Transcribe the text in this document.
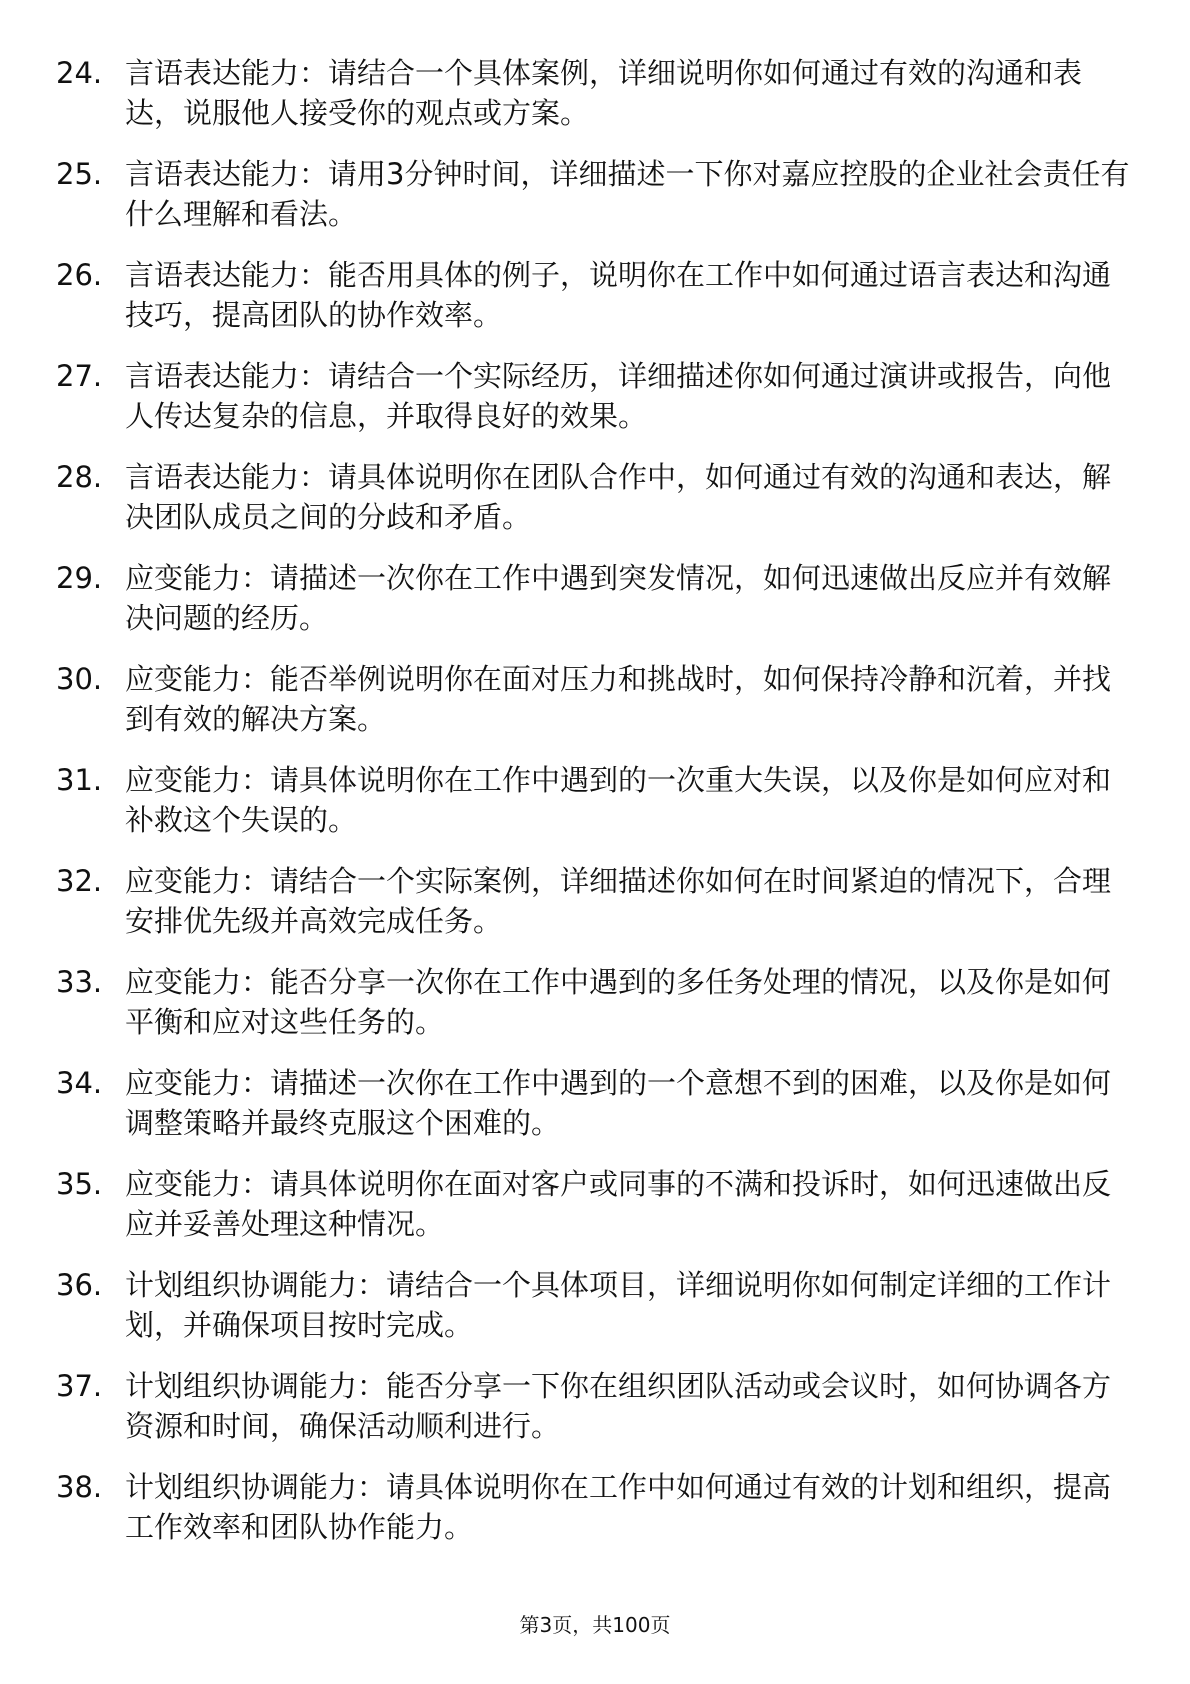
24. 言语表达能力：请结合一个具体案例，详细说明你如何通过有效的沟通和表达，说服他人接受你的观点或方案。
25. 言语表达能力：请用3分钟时间，详细描述一下你对嘉应控股的企业社会责任有什么理解和看法。
26. 言语表达能力：能否用具体的例子，说明你在工作中如何通过语言表达和沟通技巧，提高团队的协作效率。
27. 言语表达能力：请结合一个实际经历，详细描述你如何通过演讲或报告，向他人传达复杂的信息，并取得良好的效果。
28. 言语表达能力：请具体说明你在团队合作中，如何通过有效的沟通和表达，解决团队成员之间的分歧和矛盾。
29. 应变能力：请描述一次你在工作中遇到突发情况，如何迅速做出反应并有效解决问题的经历。
30. 应变能力：能否举例说明你在面对压力和挑战时，如何保持冷静和沉着，并找到有效的解决方案。
31. 应变能力：请具体说明你在工作中遇到的一次重大失误，以及你是如何应对和补救这个失误的。
32. 应变能力：请结合一个实际案例，详细描述你如何在时间紧迫的情况下，合理安排优先级并高效完成任务。
33. 应变能力：能否分享一次你在工作中遇到的多任务处理的情况，以及你是如何平衡和应对这些任务的。
34. 应变能力：请描述一次你在工作中遇到的一个意想不到的困难，以及你是如何调整策略并最终克服这个困难的。
35. 应变能力：请具体说明你在面对客户或同事的不满和投诉时，如何迅速做出反应并妥善处理这种情况。
36. 计划组织协调能力：请结合一个具体项目，详细说明你如何制定详细的工作计划，并确保项目按时完成。
37. 计划组织协调能力：能否分享一下你在组织团队活动或会议时，如何协调各方资源和时间，确保活动顺利进行。
38. 计划组织协调能力：请具体说明你在工作中如何通过有效的计划和组织，提高工作效率和团队协作能力。
第3页，共100页
